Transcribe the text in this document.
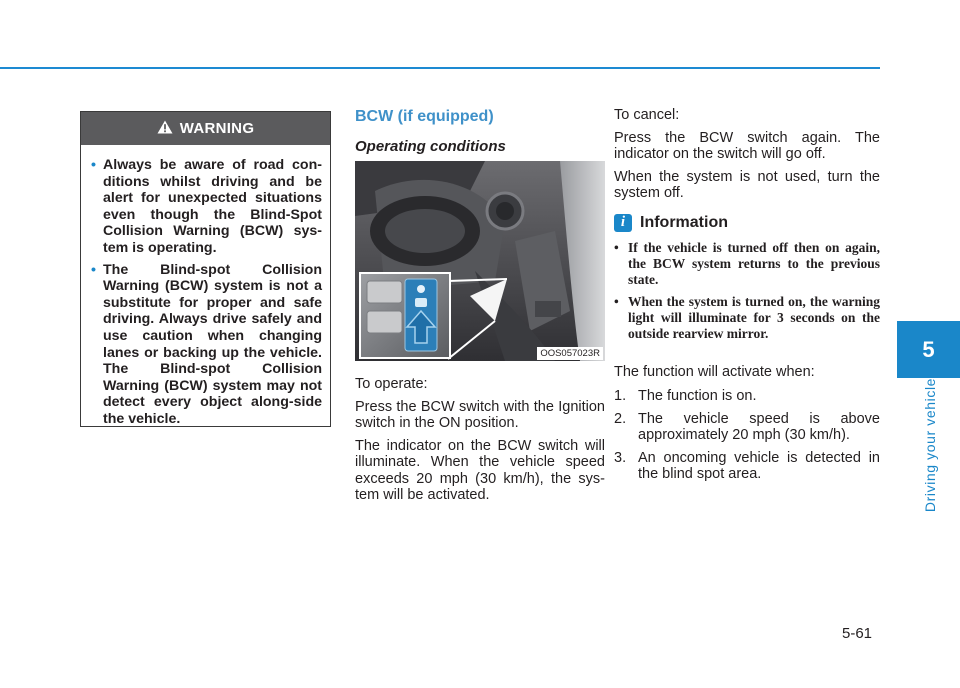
WARNING
• Always be aware of road con-ditions whilst driving and be alert for unexpected situations even though the Blind-Spot Collision Warning (BCW) sys-tem is operating.
• The Blind-spot Collision Warning (BCW) system is not a substitute for proper and safe driving. Always drive safely and use caution when changing lanes or backing up the vehicle. The Blind-spot Collision Warning (BCW) system may not detect every object along-side the vehicle.
BCW (if equipped)
Operating conditions
OOS057023R

To operate:

Press the BCW switch with the Ignition switch in the ON position.

The indicator on the BCW switch will illuminate. When the vehicle speed exceeds 20 mph (30 km/h), the sys-tem will be activated.

To cancel:

Press the BCW switch again. The indicator on the switch will go off.

When the system is not used, turn the system off.

i Information
• If the vehicle is turned off then on again, the BCW system returns to the previous state.
• When the system is turned on, the warning light will illuminate for 3 seconds on the outside rearview mirror.

The function will activate when:

1. The function is on.
2. The vehicle speed is above approximately 20 mph (30 km/h).
3. An oncoming vehicle is detected in the blind spot area.
5
Driving your vehicle
5-61
